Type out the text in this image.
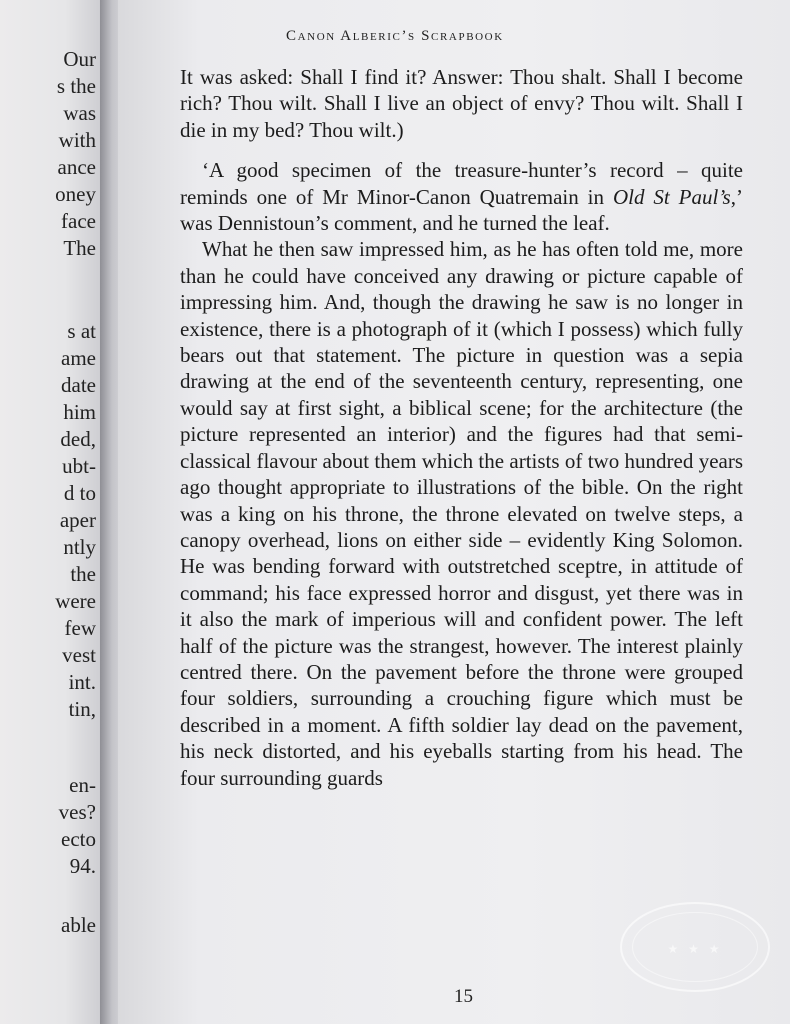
Our
s the
was
with
ance
oney
face
The
s at
ame
date
him
ded,
ubt-
d to
aper
ntly
the
were
few
vest
int.
tin,
en-
ves?
ecto
94.
able
Canon Alberic’s Scrapbook

It was asked: Shall I find it? Answer: Thou shalt. Shall I become rich? Thou wilt. Shall I live an object of envy? Thou wilt. Shall I die in my bed? Thou wilt.)

‘A good specimen of the treasure-hunter’s record – quite reminds one of Mr Minor-Canon Quatremain in Old St Paul’s,’ was Dennistoun’s comment, and he turned the leaf.

What he then saw impressed him, as he has often told me, more than he could have conceived any drawing or picture capable of impressing him. And, though the drawing he saw is no longer in existence, there is a photograph of it (which I possess) which fully bears out that statement. The picture in question was a sepia drawing at the end of the seventeenth century, representing, one would say at first sight, a biblical scene; for the architecture (the picture represented an interior) and the figures had that semi-classical flavour about them which the artists of two hundred years ago thought appropriate to illustrations of the bible. On the right was a king on his throne, the throne elevated on twelve steps, a canopy overhead, lions on either side – evidently King Solomon. He was bending forward with outstretched sceptre, in attitude of command; his face expressed horror and disgust, yet there was in it also the mark of imperious will and confident power. The left half of the picture was the strangest, however. The interest plainly centred there. On the pavement before the throne were grouped four soldiers, surrounding a crouching figure which must be described in a moment. A fifth soldier lay dead on the pavement, his neck distorted, and his eyeballs starting from his head. The four surrounding guards

15
★ ★ ★
